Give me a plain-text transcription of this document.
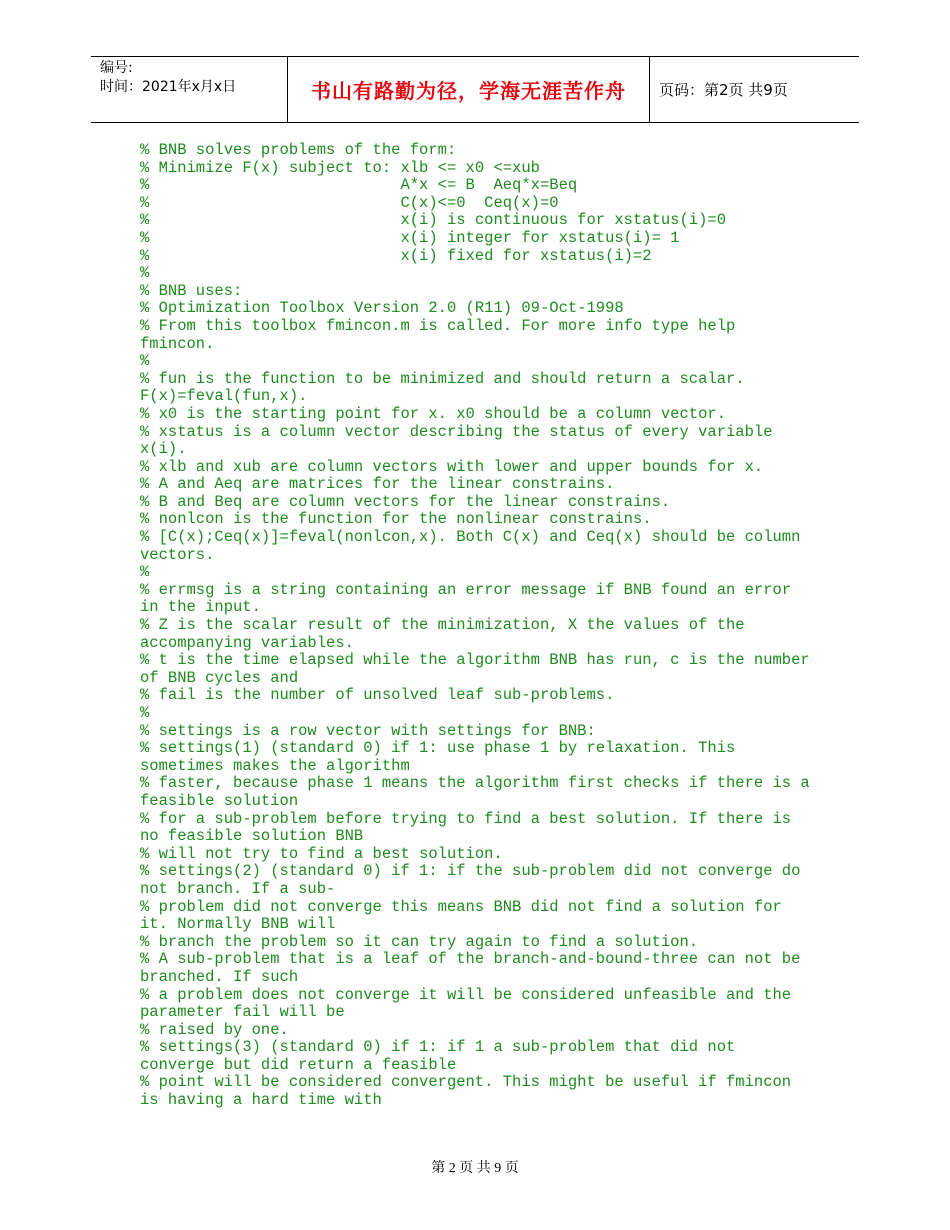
编号:
时间：2021年x月x日	书山有路勤为径，学海无涯苦作舟	页码：第2页 共9页
% BNB solves problems of the form:
% Minimize F(x) subject to: xlb <= x0 <=xub
%                           A*x <= B  Aeq*x=Beq
%                           C(x)<=0  Ceq(x)=0
%                           x(i) is continuous for xstatus(i)=0
%                           x(i) integer for xstatus(i)= 1
%                           x(i) fixed for xstatus(i)=2
%
% BNB uses:
% Optimization Toolbox Version 2.0 (R11) 09-Oct-1998
% From this toolbox fmincon.m is called. For more info type help
fmincon.
%
% fun is the function to be minimized and should return a scalar.
F(x)=feval(fun,x).
% x0 is the starting point for x. x0 should be a column vector.
% xstatus is a column vector describing the status of every variable
x(i).
% xlb and xub are column vectors with lower and upper bounds for x.
% A and Aeq are matrices for the linear constrains.
% B and Beq are column vectors for the linear constrains.
% nonlcon is the function for the nonlinear constrains.
% [C(x);Ceq(x)]=feval(nonlcon,x). Both C(x) and Ceq(x) should be column
vectors.
%
% errmsg is a string containing an error message if BNB found an error
in the input.
% Z is the scalar result of the minimization, X the values of the
accompanying variables.
% t is the time elapsed while the algorithm BNB has run, c is the number
of BNB cycles and
% fail is the number of unsolved leaf sub-problems.
%
% settings is a row vector with settings for BNB:
% settings(1) (standard 0) if 1: use phase 1 by relaxation. This
sometimes makes the algorithm
% faster, because phase 1 means the algorithm first checks if there is a
feasible solution
% for a sub-problem before trying to find a best solution. If there is
no feasible solution BNB
% will not try to find a best solution.
% settings(2) (standard 0) if 1: if the sub-problem did not converge do
not branch. If a sub-
% problem did not converge this means BNB did not find a solution for
it. Normally BNB will
% branch the problem so it can try again to find a solution.
% A sub-problem that is a leaf of the branch-and-bound-three can not be
branched. If such
% a problem does not converge it will be considered unfeasible and the
parameter fail will be
% raised by one.
% settings(3) (standard 0) if 1: if 1 a sub-problem that did not
converge but did return a feasible
% point will be considered convergent. This might be useful if fmincon
is having a hard time with
第 2 页 共 9 页
